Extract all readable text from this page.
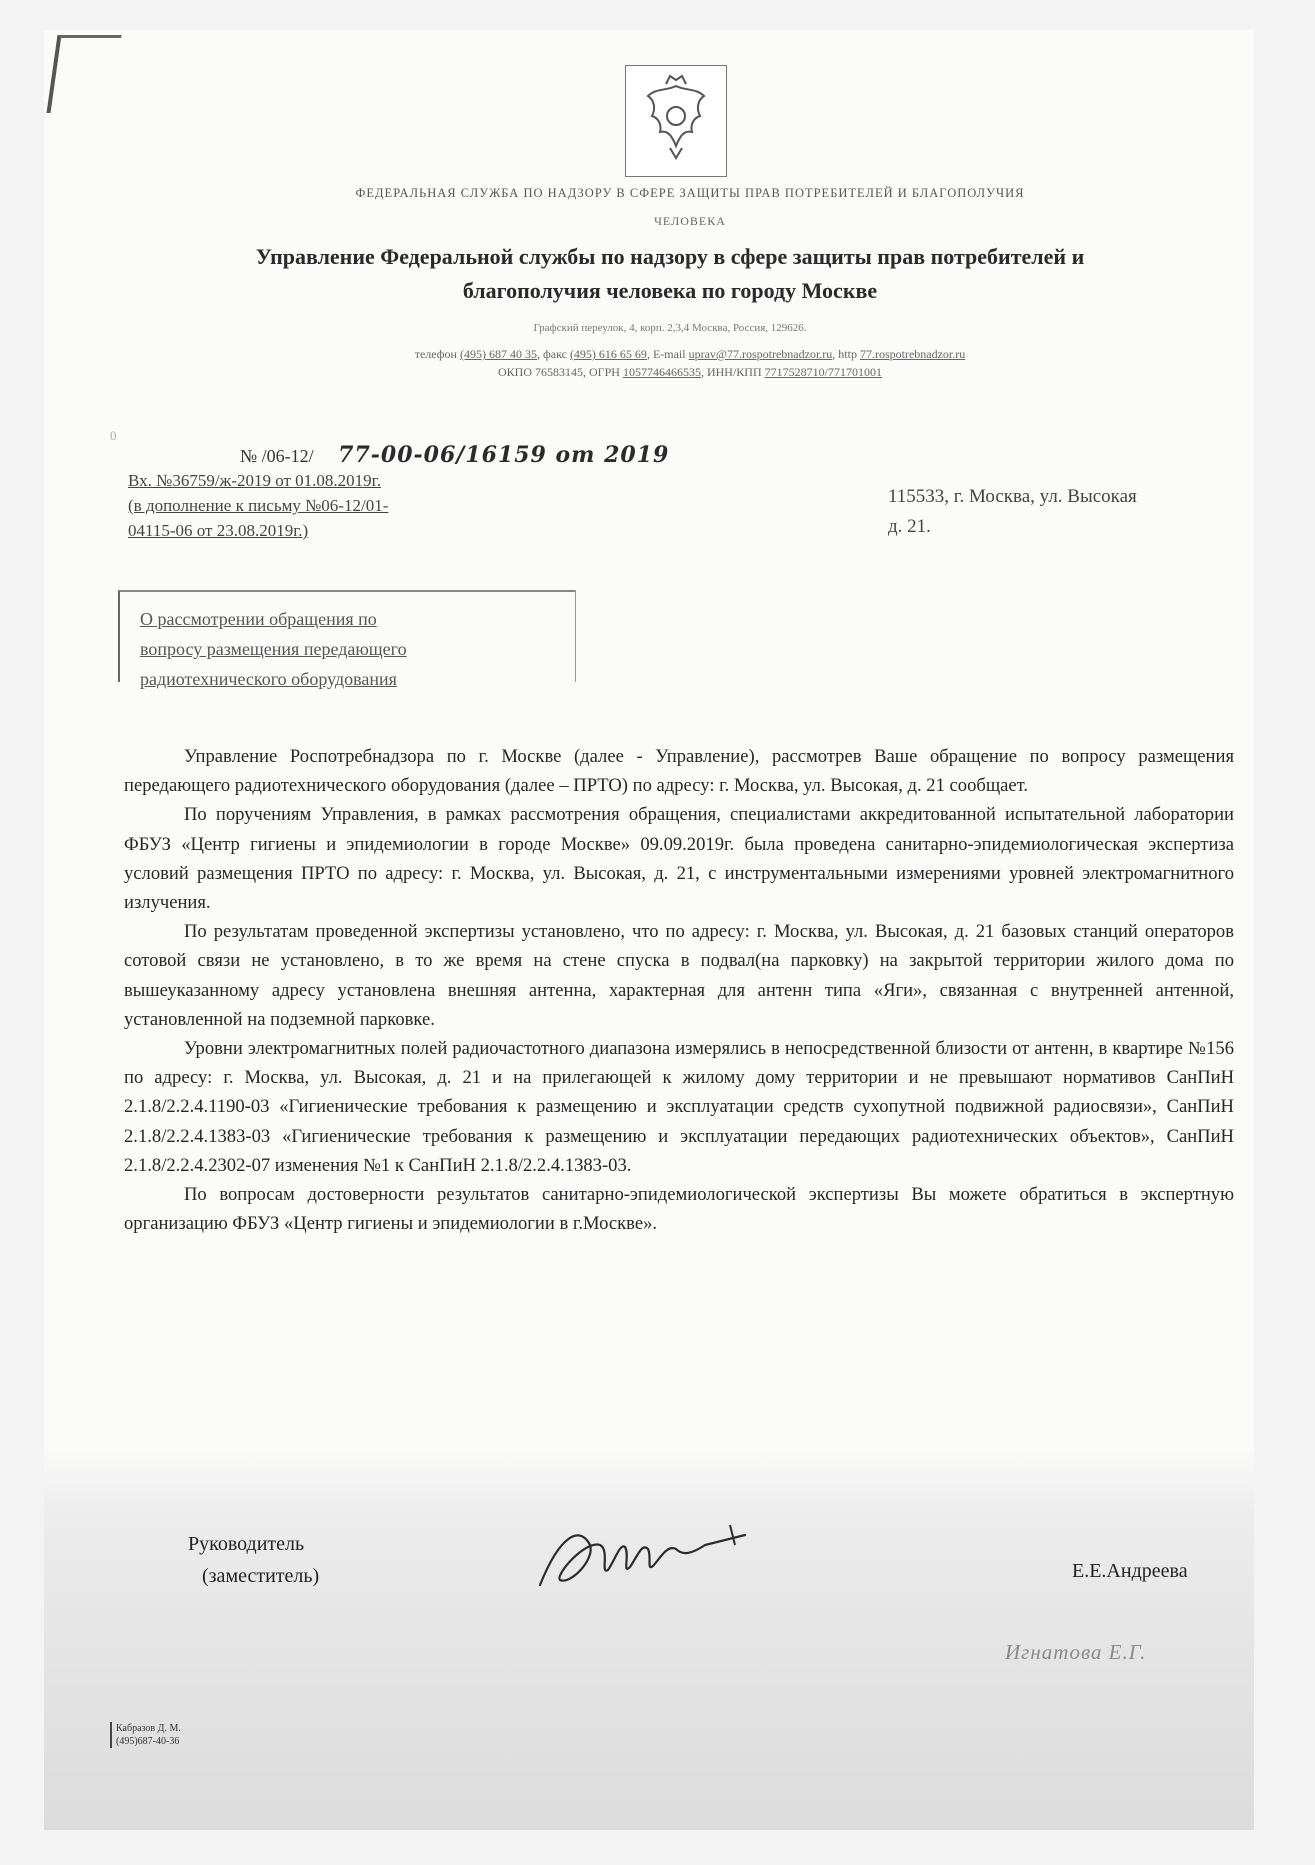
ФЕДЕРАЛЬНАЯ СЛУЖБА ПО НАДЗОРУ В СФЕРЕ ЗАЩИТЫ ПРАВ ПОТРЕБИТЕЛЕЙ И БЛАГОПОЛУЧИЯ
ЧЕЛОВЕКА
Управление Федеральной службы по надзору в сфере защиты прав потребителей и
благополучия человека по городу Москве
Графский переулок, 4, корп. 2,3,4 Москва, Россия, 129626.
телефон (495) 687 40 35, факс (495) 616 65 69, E-mail uprav@77.rospotrebnadzor.ru, http 77.rospotrebnadzor.ru
ОКПО 76583145, ОГРН 1057746466535, ИНН/КПП 7717528710/771701001
0
№ /06-12/ 77-00-06/16159 от 2019
Вх. №36759/ж-2019 от 01.08.2019г.
(в дополнение к письму №06-12/01-
04115-06 от 23.08.2019г.)
115533, г. Москва, ул. Высокая
д. 21.
О рассмотрении обращения по
вопросу размещения передающего
радиотехнического оборудования

Управление Роспотребнадзора по г. Москве (далее - Управление), рассмотрев Ваше обращение по вопросу размещения передающего радиотехнического оборудования (далее – ПРТО) по адресу: г. Москва, ул. Высокая, д. 21 сообщает.

По поручениям Управления, в рамках рассмотрения обращения, специалистами аккредитованной испытательной лаборатории ФБУЗ «Центр гигиены и эпидемиологии в городе Москве» 09.09.2019г. была проведена санитарно-эпидемиологическая экспертиза условий размещения ПРТО по адресу: г. Москва, ул. Высокая, д. 21, с инструментальными измерениями уровней электромагнитного излучения.

По результатам проведенной экспертизы установлено, что по адресу: г. Москва, ул. Высокая, д. 21 базовых станций операторов сотовой связи не установлено, в то же время на стене спуска в подвал(на парковку) на закрытой территории жилого дома по вышеуказанному адресу установлена внешняя антенна, характерная для антенн типа «Яги», связанная с внутренней антенной, установленной на подземной парковке.

Уровни электромагнитных полей радиочастотного диапазона измерялись в непосредственной близости от антенн, в квартире №156 по адресу: г. Москва, ул. Высокая, д. 21 и на прилегающей к жилому дому территории и не превышают нормативов СанПиН 2.1.8/2.2.4.1190-03 «Гигиенические требования к размещению и эксплуатации средств сухопутной подвижной радиосвязи», СанПиН 2.1.8/2.2.4.1383-03 «Гигиенические требования к размещению и эксплуатации передающих радиотехнических объектов», СанПиН 2.1.8/2.2.4.2302-07 изменения №1 к СанПиН 2.1.8/2.2.4.1383-03.

По вопросам достоверности результатов санитарно-эпидемиологической экспертизы Вы можете обратиться в экспертную организацию ФБУЗ «Центр гигиены и эпидемиологии в г.Москве».

Руководитель
(заместитель)	Е.Е.Андреева
Игнатова Е.Г.
Кабразов Д. М.
(495)687-40-36
